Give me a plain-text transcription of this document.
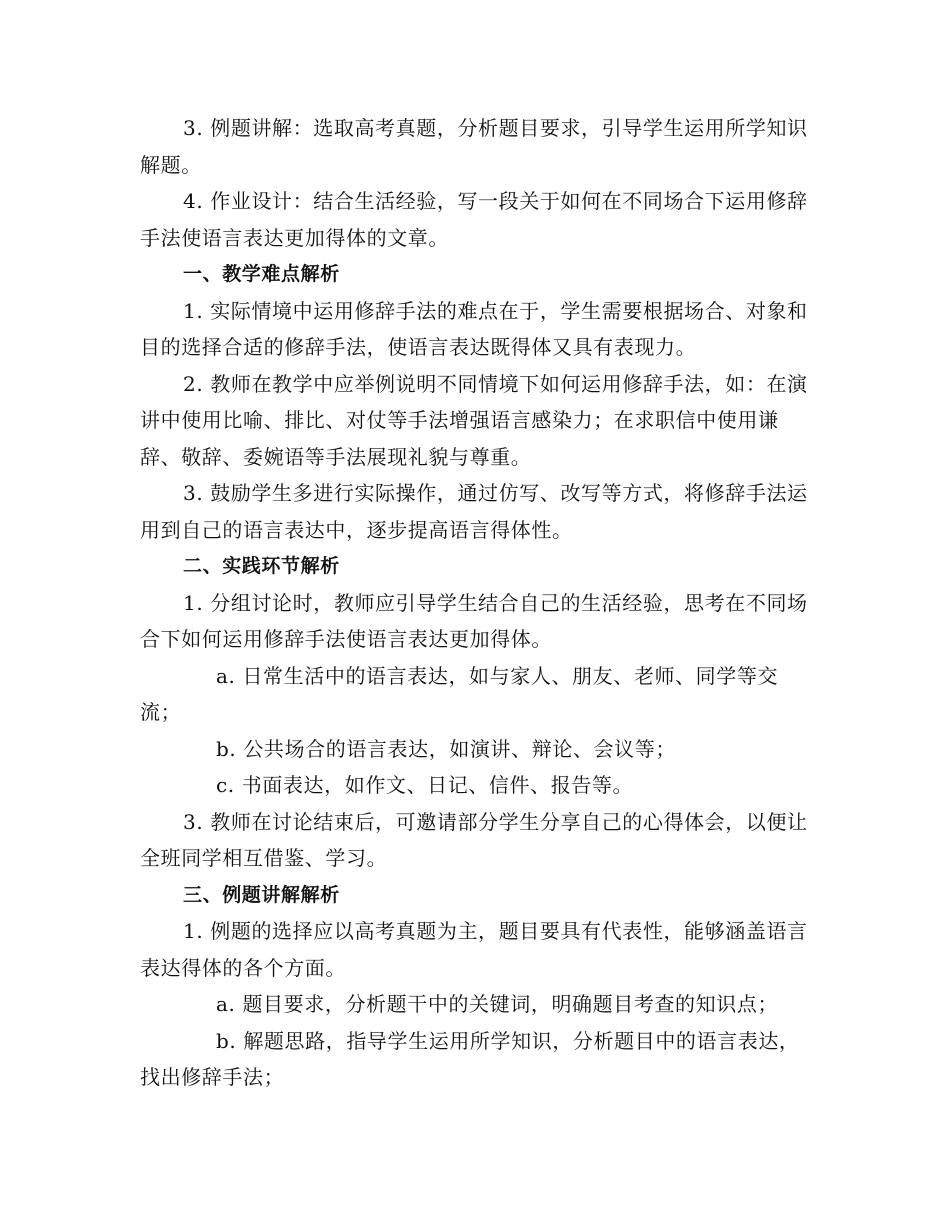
3. 例题讲解：选取高考真题，分析题目要求，引导学生运用所学知识解题。

4. 作业设计：结合生活经验，写一段关于如何在不同场合下运用修辞手法使语言表达更加得体的文章。

一、教学难点解析

1. 实际情境中运用修辞手法的难点在于，学生需要根据场合、对象和目的选择合适的修辞手法，使语言表达既得体又具有表现力。

2. 教师在教学中应举例说明不同情境下如何运用修辞手法，如：在演讲中使用比喻、排比、对仗等手法增强语言感染力；在求职信中使用谦辞、敬辞、委婉语等手法展现礼貌与尊重。

3. 鼓励学生多进行实际操作，通过仿写、改写等方式，将修辞手法运用到自己的语言表达中，逐步提高语言得体性。

二、实践环节解析

1. 分组讨论时，教师应引导学生结合自己的生活经验，思考在不同场合下如何运用修辞手法使语言表达更加得体。

a. 日常生活中的语言表达，如与家人、朋友、老师、同学等交流；

b. 公共场合的语言表达，如演讲、辩论、会议等；

c. 书面表达，如作文、日记、信件、报告等。

3. 教师在讨论结束后，可邀请部分学生分享自己的心得体会，以便让全班同学相互借鉴、学习。

三、例题讲解解析

1. 例题的选择应以高考真题为主，题目要具有代表性，能够涵盖语言表达得体的各个方面。

a. 题目要求，分析题干中的关键词，明确题目考查的知识点；

b. 解题思路，指导学生运用所学知识，分析题目中的语言表达，找出修辞手法；
